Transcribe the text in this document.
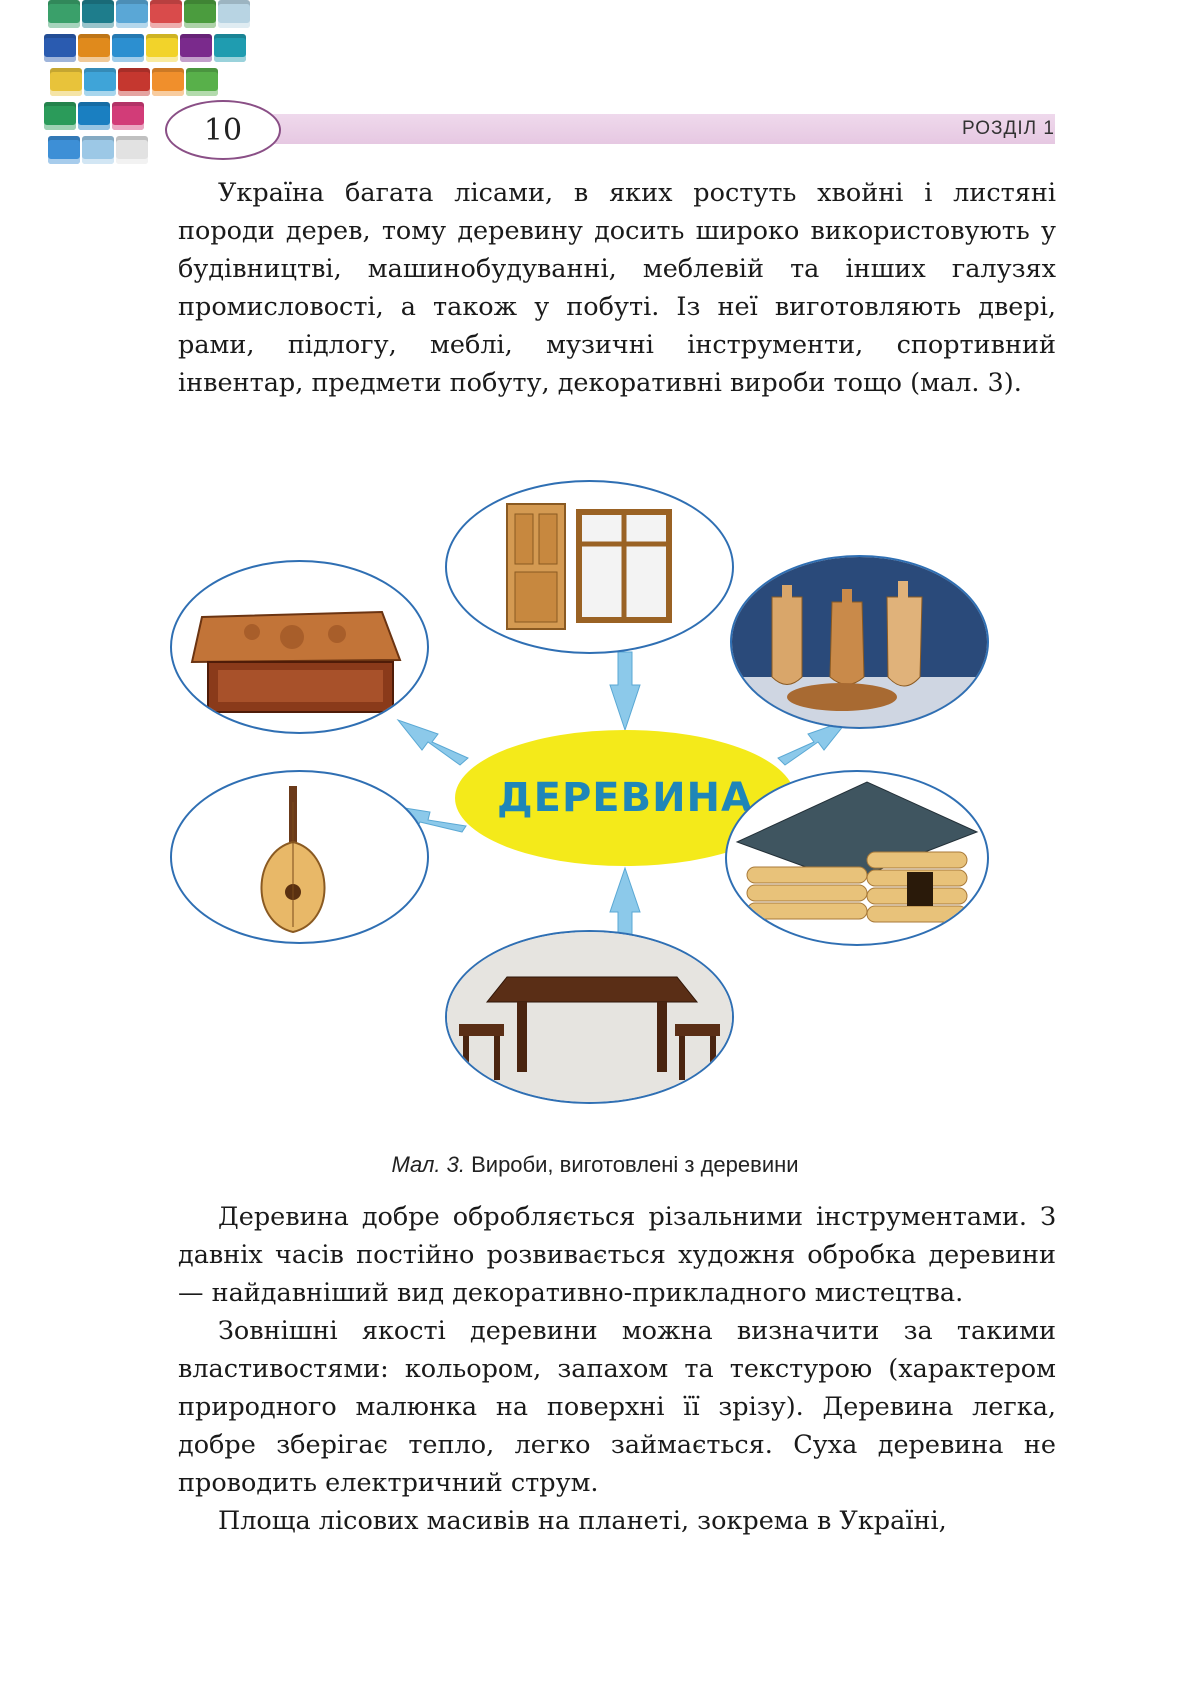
РОЗДІЛ 1
10

Україна багата лісами, в яких ростуть хвойні і листяні породи дерев, тому деревину досить широко використовують у будівництві, машинобудуванні, меблевій та інших галузях промисловості, а також у побуті. Із неї виготовляють двері, рами, підлогу, меблі, музичні інструменти, спортивний інвентар, предмети побуту, декоративні вироби тощо (мал. 3).

ДЕРЕВИНА
Мал. 3. Вироби, виготовлені з деревини

Деревина добре обробляється різальними інструментами. З давніх часів постійно розвивається художня обробка деревини — найдавніший вид декоративно-прикладного мистецтва.

Зовнішні якості деревини можна визначити за такими властивостями: кольором, запахом та текстурою (характером природного малюнка на поверхні її зрізу). Деревина легка, добре зберігає тепло, легко займається. Суха деревина не проводить електричний струм.

Площа лісових масивів на планеті, зокрема в Україні,
